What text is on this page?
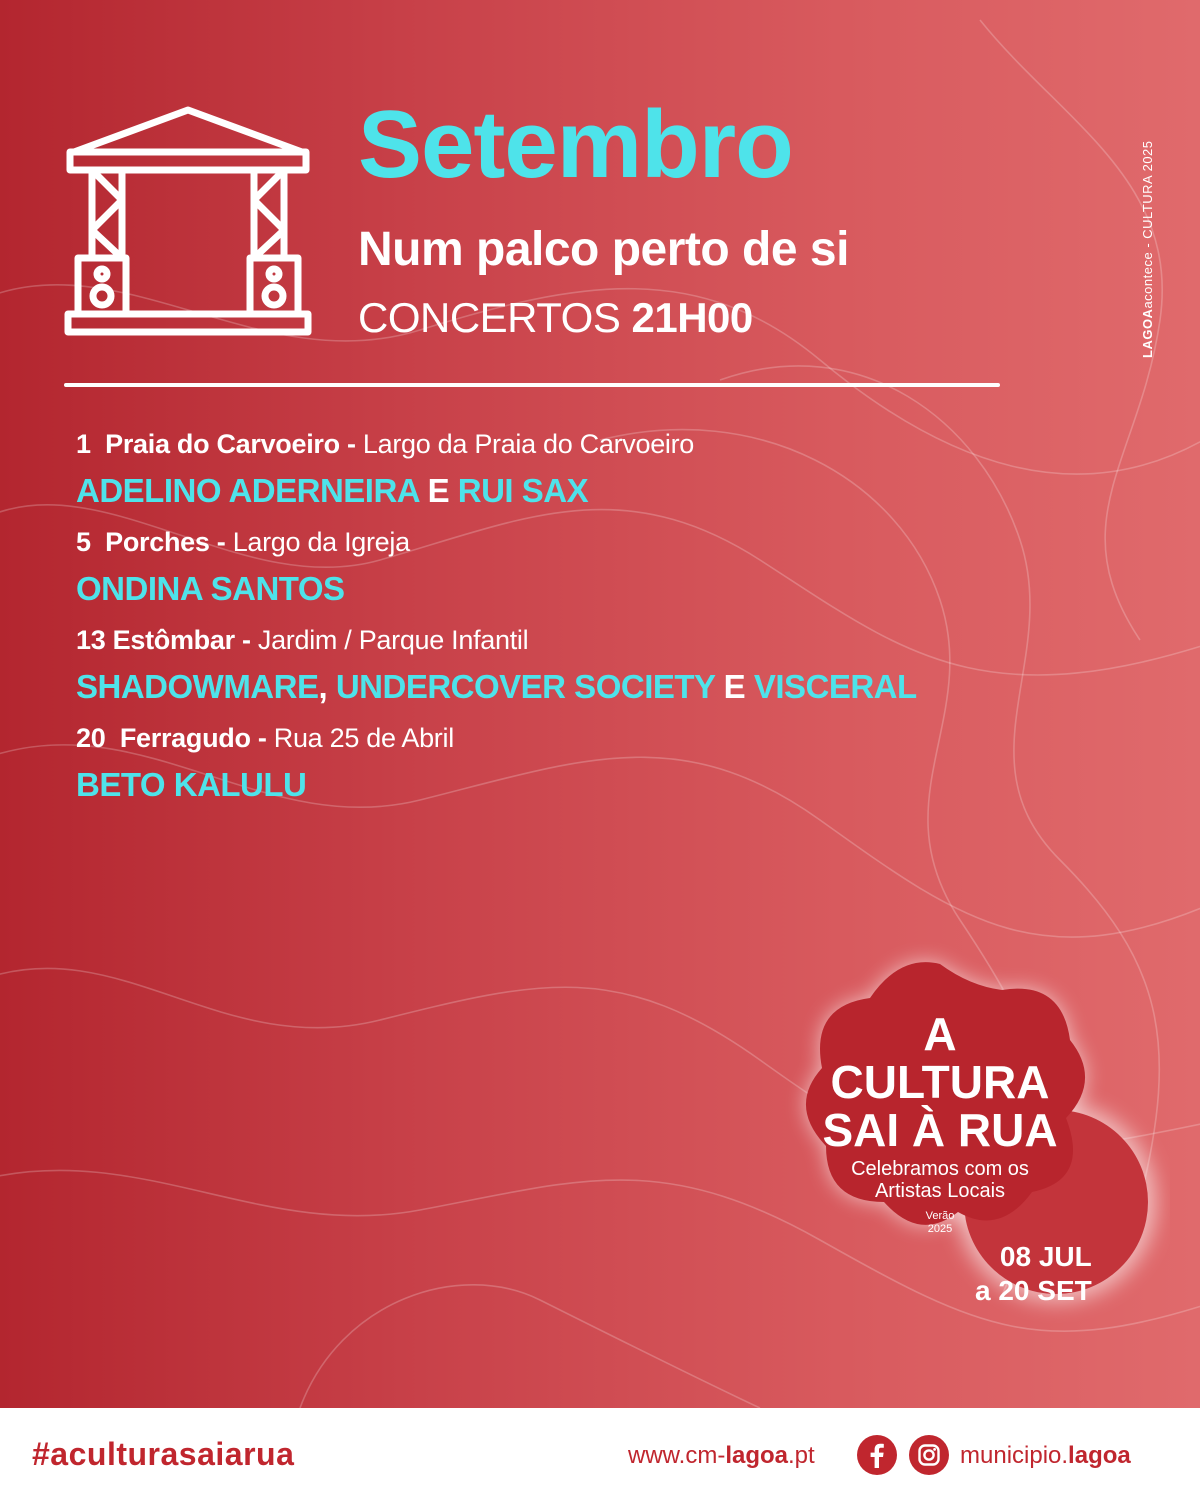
Setembro
Num palco perto de si
CONCERTOS 21H00	LAGOAacontece - CULTURA 2025
1 Praia do Carvoeiro - Largo da Praia do Carvoeiro
ADELINO ADERNEIRA E RUI SAX
5 Porches - Largo da Igreja
ONDINA SANTOS
13 Estômbar - Jardim / Parque Infantil
SHADOWMARE, UNDERCOVER SOCIETY E VISCERAL
20 Ferragudo - Rua 25 de Abril
BETO KALULU
A
CULTURA
SAI À RUA
Celebramos com os
Artistas Locais
Verão
2025
08 JUL
a 20 SET
#aculturasaiarua	www.cm-lagoa.pt	municipio.lagoa
